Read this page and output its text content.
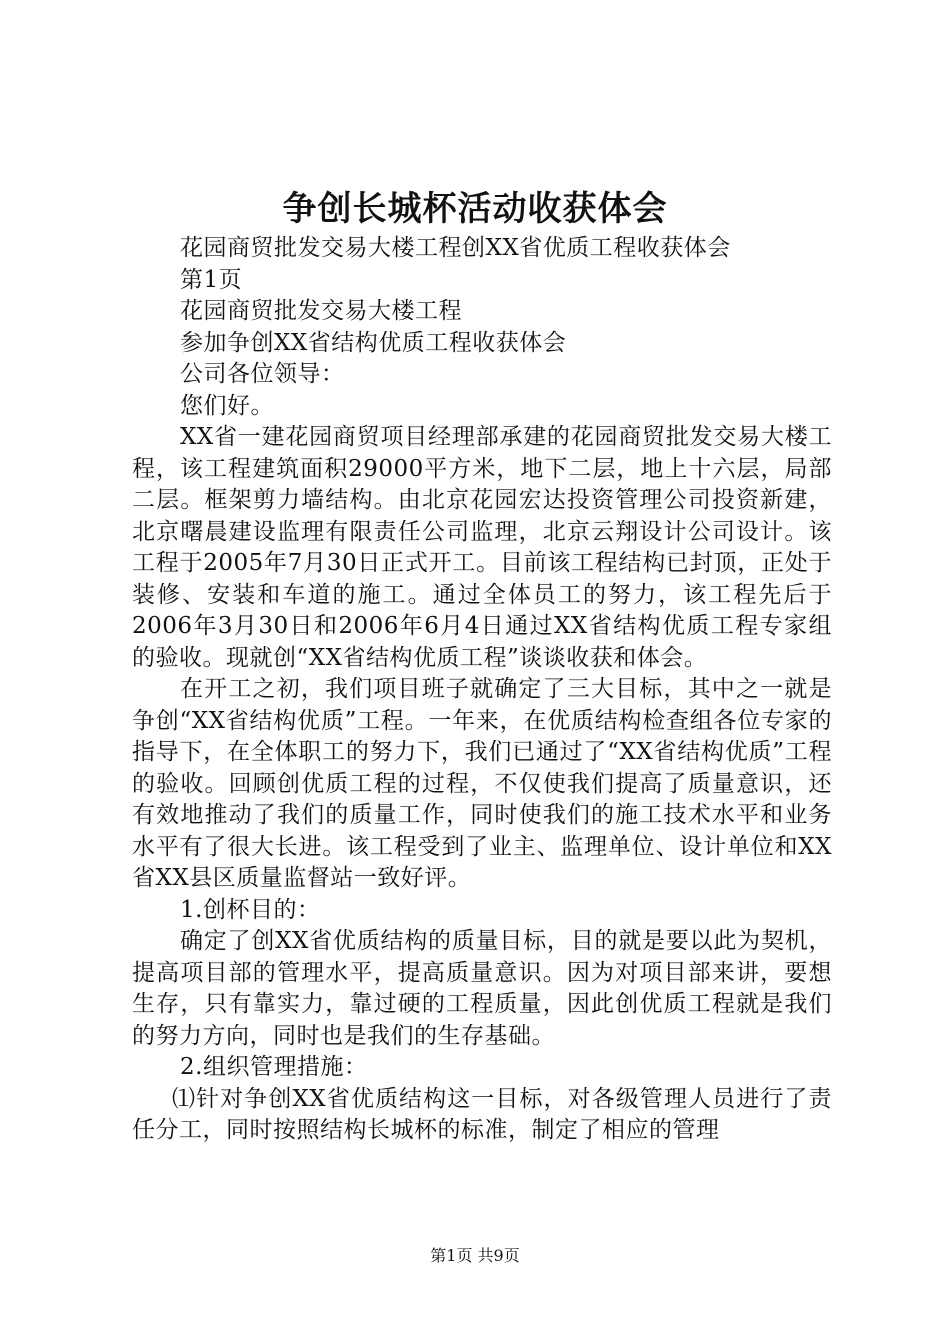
争创长城杯活动收获体会

花园商贸批发交易大楼工程创XX省优质工程收获体会

第1页

花园商贸批发交易大楼工程

参加争创XX省结构优质工程收获体会

公司各位领导：

您们好。

XX省一建花园商贸项目经理部承建的花园商贸批发交易大楼工程，该工程建筑面积29000平方米，地下二层，地上十六层，局部二层。框架剪力墙结构。由北京花园宏达投资管理公司投资新建，北京曙晨建设监理有限责任公司监理，北京云翔设计公司设计。该工程于2005年7月30日正式开工。目前该工程结构已封顶，正处于装修、安装和车道的施工。通过全体员工的努力，该工程先后于2006年3月30日和2006年6月4日通过XX省结构优质工程专家组的验收。现就创“XX省结构优质工程”谈谈收获和体会。

在开工之初，我们项目班子就确定了三大目标，其中之一就是争创“XX省结构优质”工程。一年来，在优质结构检查组各位专家的指导下，在全体职工的努力下，我们已通过了“XX省结构优质”工程的验收。回顾创优质工程的过程，不仅使我们提高了质量意识，还有效地推动了我们的质量工作，同时使我们的施工技术水平和业务水平有了很大长进。该工程受到了业主、监理单位、设计单位和XX省XX县区质量监督站一致好评。

1.创杯目的：

确定了创XX省优质结构的质量目标，目的就是要以此为契机，提高项目部的管理水平，提高质量意识。因为对项目部来讲，要想生存，只有靠实力，靠过硬的工程质量，因此创优质工程就是我们的努力方向，同时也是我们的生存基础。

2.组织管理措施：

⑴针对争创XX省优质结构这一目标，对各级管理人员进行了责任分工，同时按照结构长城杯的标准，制定了相应的管理

第1页 共9页
